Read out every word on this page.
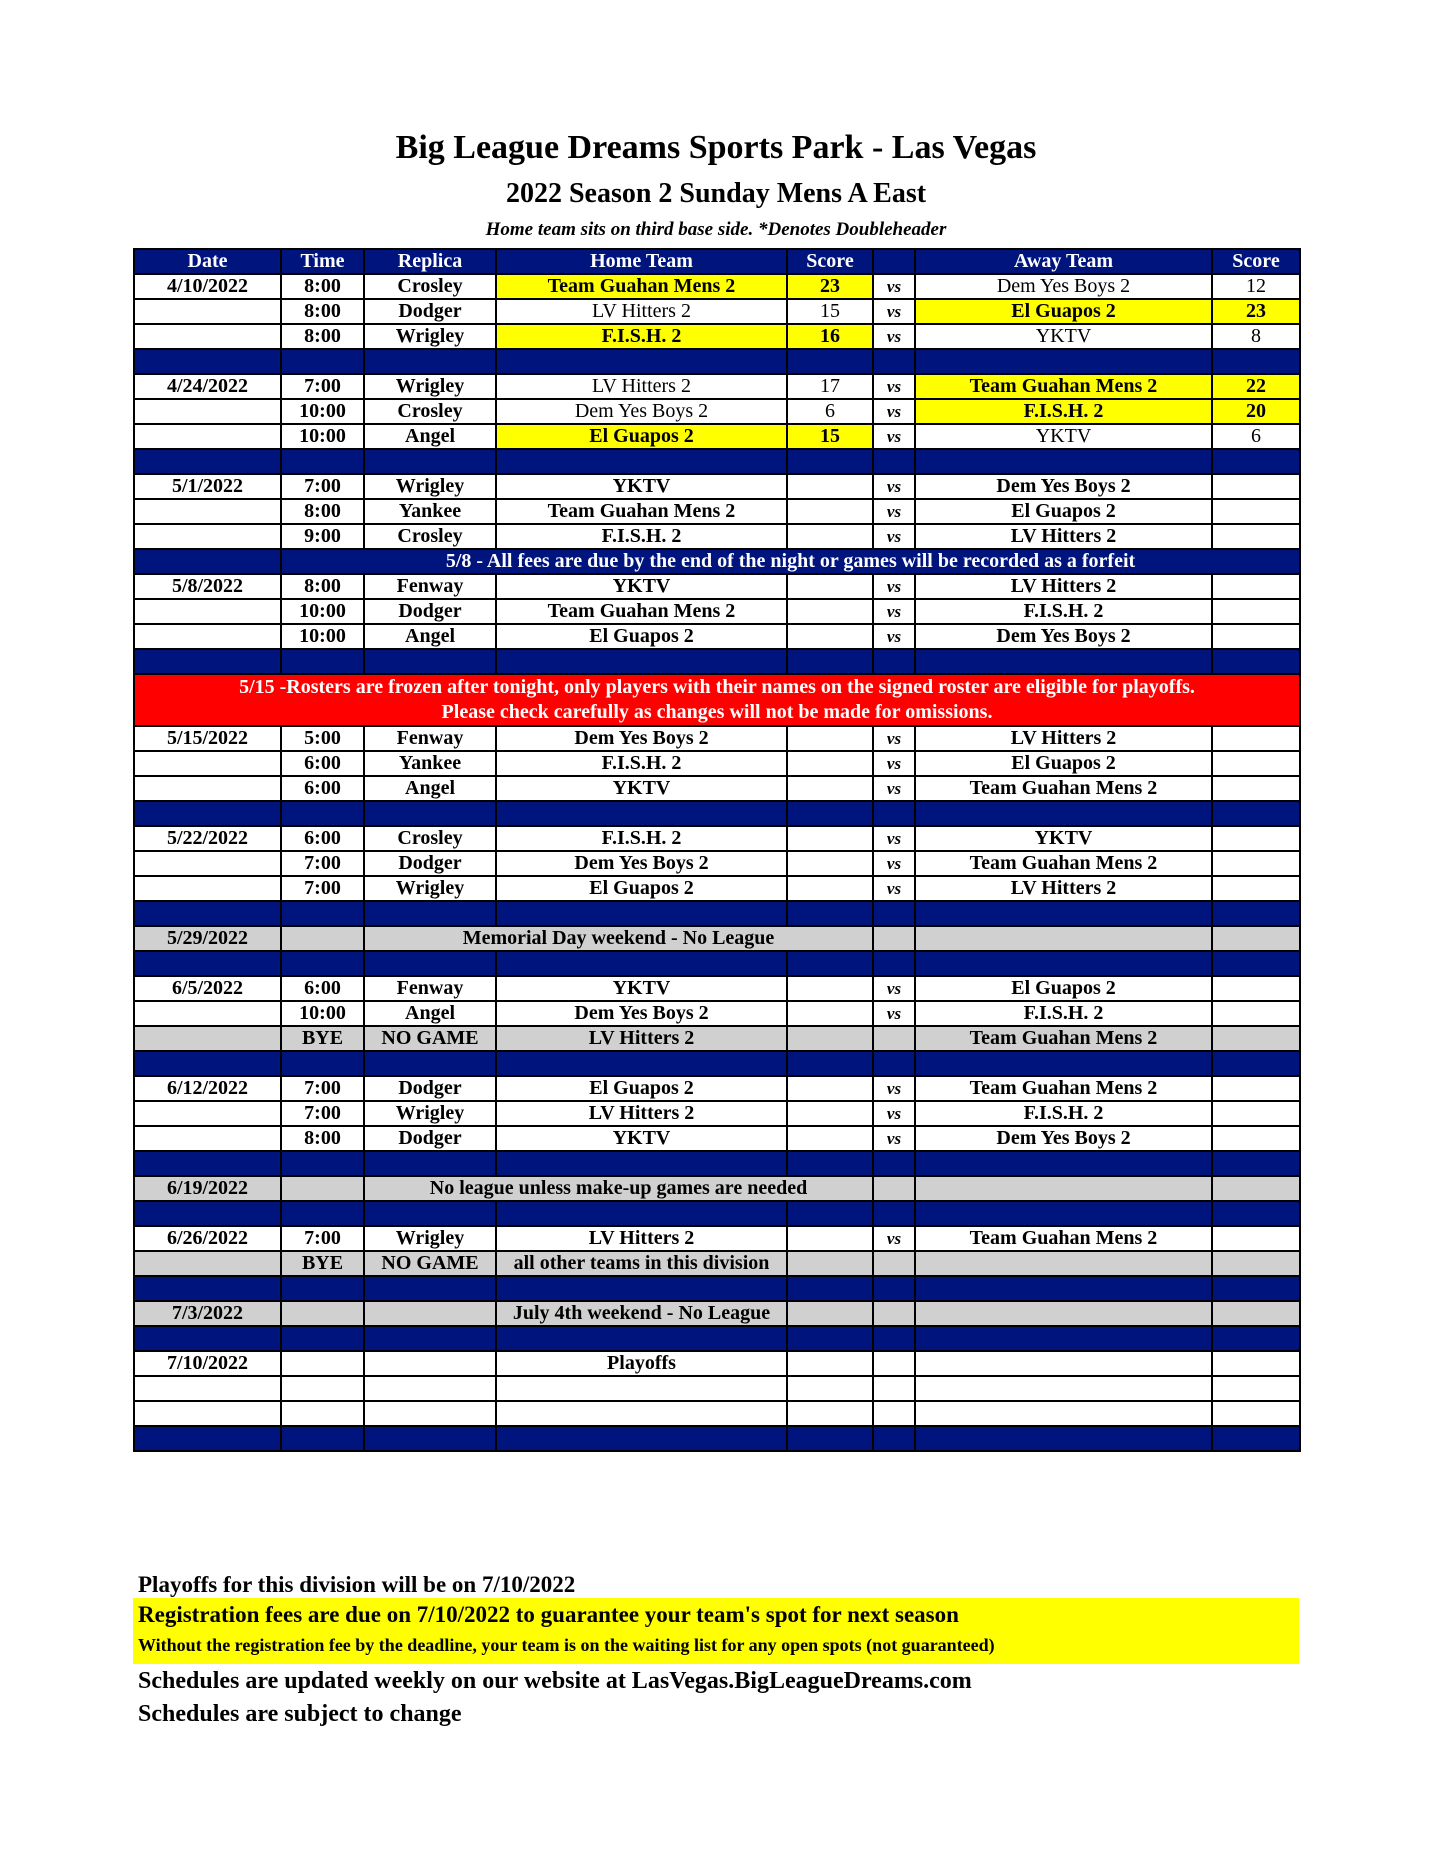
Big League Dreams Sports Park - Las Vegas
2022 Season 2 Sunday Mens A East
Home team sits on third base side. *Denotes Doubleheader
Date	Time	Replica	Home Team	Score		Away Team	Score
4/10/2022	8:00	Crosley	Team Guahan Mens 2	23	vs	Dem Yes Boys 2	12
	8:00	Dodger	LV Hitters 2	15	vs	El Guapos 2	23
	8:00	Wrigley	F.I.S.H. 2	16	vs	YKTV	8

4/24/2022	7:00	Wrigley	LV Hitters 2	17	vs	Team Guahan Mens 2	22
	10:00	Crosley	Dem Yes Boys 2	6	vs	F.I.S.H. 2	20
	10:00	Angel	El Guapos 2	15	vs	YKTV	6

5/1/2022	7:00	Wrigley	YKTV		vs	Dem Yes Boys 2	
	8:00	Yankee	Team Guahan Mens 2		vs	El Guapos 2	
	9:00	Crosley	F.I.S.H. 2		vs	LV Hitters 2	
	5/8 - All fees are due by the end of the night or games will be recorded as a forfeit						
5/8/2022	8:00	Fenway	YKTV		vs	LV Hitters 2	
	10:00	Dodger	Team Guahan Mens 2		vs	F.I.S.H. 2	
	10:00	Angel	El Guapos 2		vs	Dem Yes Boys 2	

5/15 -Rosters are frozen after tonight, only players with their names on the signed roster are eligible for playoffs.
Please check carefully as changes will not be made for omissions.							

5/15/2022	5:00	Fenway	Dem Yes Boys 2		vs	LV Hitters 2	
	6:00	Yankee	F.I.S.H. 2		vs	El Guapos 2	
	6:00	Angel	YKTV		vs	Team Guahan Mens 2	

5/22/2022	6:00	Crosley	F.I.S.H. 2		vs	YKTV	
	7:00	Dodger	Dem Yes Boys 2		vs	Team Guahan Mens 2	
	7:00	Wrigley	El Guapos 2		vs	LV Hitters 2	

5/29/2022		Memorial Day weekend - No League					

6/5/2022	6:00	Fenway	YKTV		vs	El Guapos 2	
	10:00	Angel	Dem Yes Boys 2		vs	F.I.S.H. 2	
	BYE	NO GAME	LV Hitters 2			Team Guahan Mens 2	

6/12/2022	7:00	Dodger	El Guapos 2		vs	Team Guahan Mens 2	
	7:00	Wrigley	LV Hitters 2		vs	F.I.S.H. 2	
	8:00	Dodger	YKTV		vs	Dem Yes Boys 2	

6/19/2022		No league unless make-up games are needed					

6/26/2022	7:00	Wrigley	LV Hitters 2		vs	Team Guahan Mens 2	
	BYE	NO GAME	all other teams in this division				

7/3/2022			July 4th weekend - No League				

7/10/2022			Playoffs				

Playoffs for this division will be on 7/10/2022
Registration fees are due on 7/10/2022 to guarantee your team's spot for next season
Without the registration fee by the deadline, your team is on the waiting list for any open spots (not guaranteed)
Schedules are updated weekly on our website at LasVegas.BigLeagueDreams.com
Schedules are subject to change
